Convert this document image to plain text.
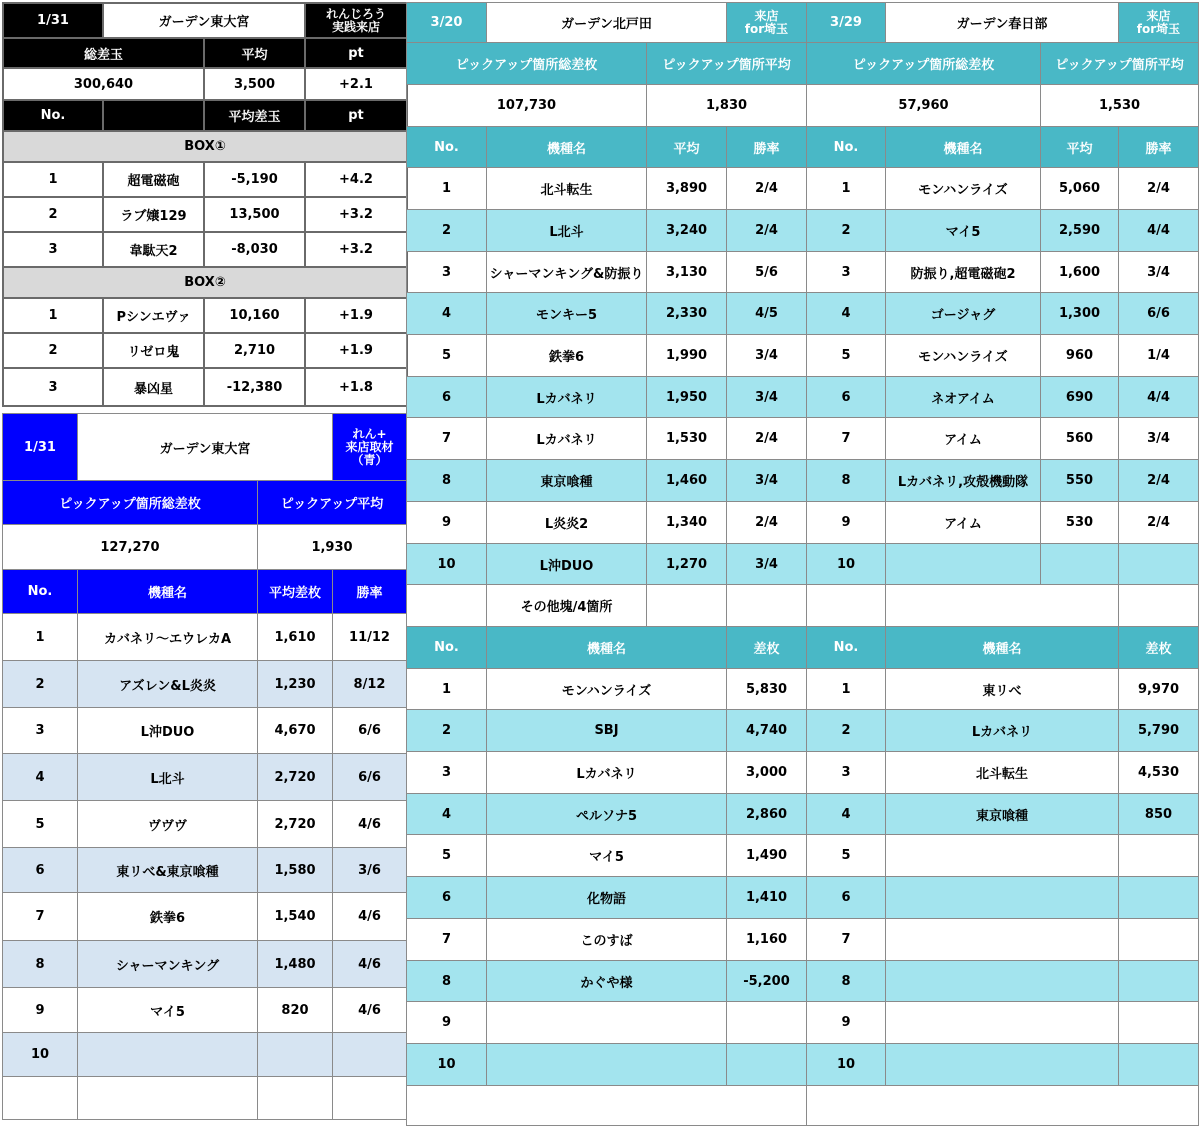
1/31	ガーデン東大宮		れんじろう
実践来店
総差玉		平均	pt
300,640		3,500	+2.1
No.		平均差玉	pt
BOX①			
1	超電磁砲	-5,190	+4.2
2	ラブ嬢129	13,500	+3.2
3	韋駄天2	-8,030	+3.2
BOX②			
1	Pシンエヴァ	10,160	+1.9
2	リゼロ鬼	2,710	+1.9
3	暴凶星	-12,380	+1.8
1/31	ガーデン東大宮		れん+
来店取材
（青）
ピックアップ箇所総差枚		ピックアップ平均	
127,270		1,930	
No.	機種名	平均差枚	勝率
1	カバネリ〜エウレカA	1,610	11/12
2	アズレン&L炎炎	1,230	8/12
3	L沖DUO	4,670	6/6
4	L北斗	2,720	6/6
5	ヴヴヴ	2,720	4/6
6	東リべ&東京喰種	1,580	3/6
7	鉄拳6	1,540	4/6
8	シャーマンキング	1,480	4/6
9	マイ5	820	4/6
10			

3/20	ガーデン北戸田		来店
for埼玉
ピックアップ箇所総差枚		ピックアップ箇所平均	
107,730		1,830	
No.	機種名	平均	勝率
1	北斗転生	3,890	2/4
2	L北斗	3,240	2/4
3	シャーマンキング&防振り	3,130	5/6
4	モンキー5	2,330	4/5
5	鉄拳6	1,990	3/4
6	Lカバネリ	1,950	3/4
7	Lカバネリ	1,530	2/4
8	東京喰種	1,460	3/4
9	L炎炎2	1,340	2/4
10	L沖DUO	1,270	3/4
	その他塊/4箇所		
No.	機種名		差枚
1	モンハンライズ		5,830
2	SBJ		4,740
3	Lカバネリ		3,000
4	ペルソナ5		2,860
5	マイ5		1,490
6	化物語		1,410
7	このすば		1,160
8	かぐや様		-5,200
9			
10			

3/29	ガーデン春日部		来店
for埼玉
ピックアップ箇所総差枚		ピックアップ箇所平均	
57,960		1,530	
No.	機種名	平均	勝率
1	モンハンライズ	5,060	2/4
2	マイ5	2,590	4/4
3	防振り,超電磁砲2	1,600	3/4
4	ゴージャグ	1,300	6/6
5	モンハンライズ	960	1/4
6	ネオアイム	690	4/4
7	アイム	560	3/4
8	Lカバネリ,攻殻機動隊	550	2/4
9	アイム	530	2/4
10			

No.	機種名		差枚
1	東リべ		9,970
2	Lカバネリ		5,790
3	北斗転生		4,530
4	東京喰種		850
5			
6			
7			
8			
9			
10			
